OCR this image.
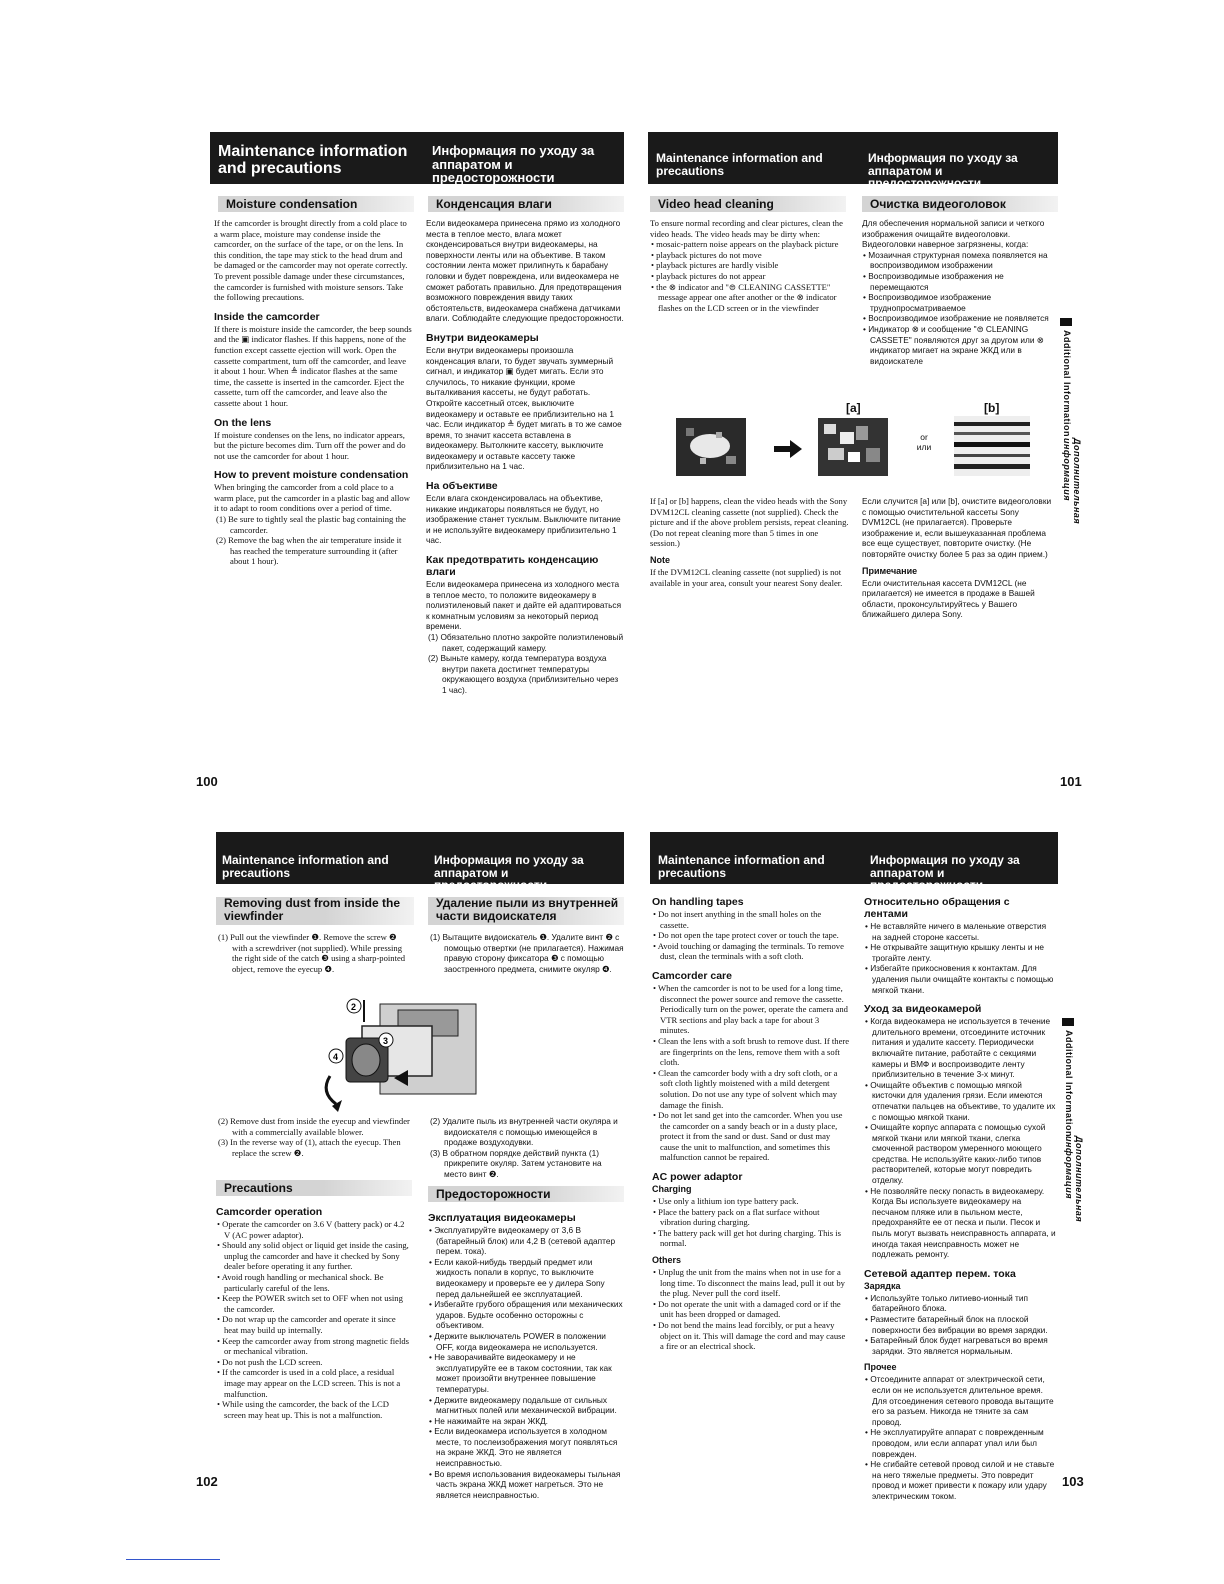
Maintenance information and precautions
Информация по уходу за аппаратом и предосторожности
Moisture condensation	Конденсация влаги

If the camcorder is brought directly from a cold place to a warm place, moisture may condense inside the camcorder, on the surface of the tape, or on the lens. In this condition, the tape may stick to the head drum and be damaged or the camcorder may not operate correctly. To prevent possible damage under these circumstances, the camcorder is furnished with moisture sensors. Take the following precautions.

Inside the camcorder

If there is moisture inside the camcorder, the beep sounds and the ▣ indicator flashes. If this happens, none of the function except cassette ejection will work. Open the cassette compartment, turn off the camcorder, and leave it about 1 hour. When ≜ indicator flashes at the same time, the cassette is inserted in the camcorder. Eject the cassette, turn off the camcorder, and leave also the cassette about 1 hour.

On the lens

If moisture condenses on the lens, no indicator appears, but the picture becomes dim. Turn off the power and do not use the camcorder for about 1 hour.

How to prevent moisture condensation

When bringing the camcorder from a cold place to a warm place, put the camcorder in a plastic bag and allow it to adapt to room conditions over a period of time.

(1) Be sure to tightly seal the plastic bag containing the camcorder.
(2) Remove the bag when the air temperature inside it has reached the temperature surrounding it (after about 1 hour).

Если видеокамера принесена прямо из холодного места в теплое место, влага может сконденсироваться внутри видеокамеры, на поверхности ленты или на объективе. В таком состоянии лента может прилипнуть к барабану головки и будет повреждена, или видеокамера не сможет работать правильно. Для предотвращения возможного повреждения ввиду таких обстоятельств, видеокамера снабжена датчиками влаги. Соблюдайте следующие предосторожности.

Внутри видеокамеры

Если внутри видеокамеры произошла конденсация влаги, то будет звучать зуммерный сигнал, и индикатор ▣ будет мигать. Если это случилось, то никакие функции, кроме выталкивания кассеты, не будут работать. Откройте кассетный отсек, выключите видеокамеру и оставьте ее приблизительно на 1 час. Если индикатор ≜ будет мигать в то же самое время, то значит кассета вставлена в видеокамеру. Вытолкните кассету, выключите видеокамеру и оставьте кассету также приблизительно на 1 час.

На объективе

Если влага сконденсировалась на объективе, никакие индикаторы появляться не будут, но изображение станет тусклым. Выключите питание и не используйте видеокамеру приблизительно 1 час.

Как предотвратить конденсацию влаги

Если видеокамера принесена из холодного места в теплое место, то положите видеокамеру в полиэтиленовый пакет и дайте ей адаптироваться к комнатным условиям за некоторый период времени.

(1) Обязательно плотно закройте полиэтиленовый пакет, содержащий камеру.
(2) Выньте камеру, когда температура воздуха внутри пакета достигнет температуры окружающего воздуха (приблизительно через 1 час).
100
Maintenance information and precautions
Информация по уходу за аппаратом и предосторожности
Video head cleaning	Очистка видеоголовок

To ensure normal recording and clear pictures, clean the video heads. The video heads may be dirty when:

• mosaic-pattern noise appears on the playback picture
• playback pictures do not move
• playback pictures are hardly visible
• playback pictures do not appear
• the ⊗ indicator and "⊜ CLEANING CASSETTE" message appear one after another or the ⊗ indicator flashes on the LCD screen or in the viewfinder

Для обеспечения нормальной записи и четкого изображения очищайте видеоголовки. Видеоголовки наверное загрязнены, когда:

• Мозаичная структурная помеха появляется на воспроизводимом изображении
• Воспроизводимые изображения не перемещаются
• Воспроизводимое изображение труднопросматриваемое
• Воспроизводимое изображение не появляется
• Индикатор ⊗ и сообщение "⊜ CLEANING CASSETE" появляются друг за другом или ⊗ индикатор мигает на экране ЖКД или в видоискателе
[a]	[b]
or
или

If [a] or [b] happens, clean the video heads with the Sony DVM12CL cleaning cassette (not supplied). Check the picture and if the above problem persists, repeat cleaning. (Do not repeat cleaning more than 5 times in one session.)

Note

If the DVM12CL cleaning cassette (not supplied) is not available in your area, consult your nearest Sony dealer.

Если случится [a] или [b], очистите видеоголовки с помощью очистительной кассеты Sony DVM12CL (не прилагается). Проверьте изображение и, если вышеуказанная проблема все еще существует, повторите очистку. (Не повторяйте очистку более 5 раз за один прием.)

Примечание

Если очистительная кассета DVM12CL (не прилагается) не имеется в продаже в Вашей области, проконсультируйтесь у Вашего ближайшего дилера Sony.

Additional Information
Дополнительная информация
101
Maintenance information and precautions
Информация по уходу за аппаратом и предосторожности
Removing dust from inside the viewfinder
Удаление пыли из внутренней части видоискателя
(1) Pull out the viewfinder ❶. Remove the screw ❷ with a screwdriver (not supplied). While pressing the right side of the catch ❸ using a sharp-pointed object, remove the eyecup ❹.
(1) Вытащите видоискатель ❶. Удалите винт ❷ с помощью отвертки (не прилагается). Нажимая правую сторону фиксатора ❸ с помощью заостренного предмета, снимите окуляр ❹.
4
2
3
(2) Remove dust from inside the eyecup and viewfinder with a commercially available blower.
(3) In the reverse way of (1), attach the eyecup. Then replace the screw ❷.
(2) Удалите пыль из внутренней части окуляра и видоискателя с помощью имеющейся в продаже воздуходувки.
(3) В обратном порядке действий пункта (1) прикрепите окуляр. Затем установите на место винт ❷.
Precautions	Предосторожности
Camcorder operation
• Operate the camcorder on 3.6 V (battery pack) or 4.2 V (AC power adaptor).
• Should any solid object or liquid get inside the casing, unplug the camcorder and have it checked by Sony dealer before operating it any further.
• Avoid rough handling or mechanical shock. Be particularly careful of the lens.
• Keep the POWER switch set to OFF when not using the camcorder.
• Do not wrap up the camcorder and operate it since heat may build up internally.
• Keep the camcorder away from strong magnetic fields or mechanical vibration.
• Do not push the LCD screen.
• If the camcorder is used in a cold place, a residual image may appear on the LCD screen. This is not a malfunction.
• While using the camcorder, the back of the LCD screen may heat up. This is not a malfunction.
Эксплуатация видеокамеры
• Эксплуатируйте видеокамеру от 3,6 В (батарейный блок) или 4,2 В (сетевой адаптер перем. тока).
• Если какой-нибудь твердый предмет или жидкость попали в корпус, то выключите видеокамеру и проверьте ее у дилера Sony перед дальнейшей ее эксплуатацией.
• Избегайте грубого обращения или механических ударов. Будьте особенно осторожны с объективом.
• Держите выключатель POWER в положении OFF, когда видеокамера не используется.
• Не заворачивайте видеокамеру и не эксплуатируйте ее в таком состоянии, так как может произойти внутреннее повышение температуры.
• Держите видеокамеру подальше от сильных магнитных полей или механической вибрации.
• Не нажимайте на экран ЖКД.
• Если видеокамера используется в холодном месте, то послеизображения могут появляться на экране ЖКД. Это не является неисправностью.
• Во время использования видеокамеры тыльная часть экрана ЖКД может нагреться. Это не является неисправностью.
102
Maintenance information and precautions
Информация по уходу за аппаратом и предосторожности
On handling tapes
• Do not insert anything in the small holes on the cassette.
• Do not open the tape protect cover or touch the tape.
• Avoid touching or damaging the terminals. To remove dust, clean the terminals with a soft cloth.
Camcorder care
• When the camcorder is not to be used for a long time, disconnect the power source and remove the cassette. Periodically turn on the power, operate the camera and VTR sections and play back a tape for about 3 minutes.
• Clean the lens with a soft brush to remove dust. If there are fingerprints on the lens, remove them with a soft cloth.
• Clean the camcorder body with a dry soft cloth, or a soft cloth lightly moistened with a mild detergent solution. Do not use any type of solvent which may damage the finish.
• Do not let sand get into the camcorder. When you use the camcorder on a sandy beach or in a dusty place, protect it from the sand or dust. Sand or dust may cause the unit to malfunction, and sometimes this malfunction cannot be repaired.
AC power adaptor
Charging
• Use only a lithium ion type battery pack.
• Place the battery pack on a flat surface without vibration during charging.
• The battery pack will get hot during charging. This is normal.
Others
• Unplug the unit from the mains when not in use for a long time. To disconnect the mains lead, pull it out by the plug. Never pull the cord itself.
• Do not operate the unit with a damaged cord or if the unit has been dropped or damaged.
• Do not bend the mains lead forcibly, or put a heavy object on it. This will damage the cord and may cause a fire or an electrical shock.
Относительно обращения с лентами
• Не вставляйте ничего в маленькие отверстия на задней стороне кассеты.
• Не открывайте защитную крышку ленты и не трогайте ленту.
• Избегайте прикосновения к контактам. Для удаления пыли очищайте контакты с помощью мягкой ткани.
Уход за видеокамерой
• Когда видеокамера не используется в течение длительного времени, отсоедините источник питания и удалите кассету. Периодически включайте питание, работайте с секциями камеры и ВМФ и воспроизводите ленту приблизительно в течение 3-х минут.
• Очищайте объектив с помощью мягкой кисточки для удаления грязи. Если имеются отпечатки пальцев на объективе, то удалите их с помощью мягкой ткани.
• Очищайте корпус аппарата с помощью сухой мягкой ткани или мягкой ткани, слегка смоченной раствором умеренного моющего средства. Не используйте каких-либо типов растворителей, которые могут повредить отделку.
• Не позволяйте песку попасть в видеокамеру. Когда Вы используете видеокамеру на песчаном пляже или в пыльном месте, предохраняйте ее от песка и пыли. Песок и пыль могут вызвать неисправность аппарата, и иногда такая неисправность может не подлежать ремонту.
Сетевой адаптер перем. тока
Зарядка
• Используйте только литиево-ионный тип батарейного блока.
• Разместите батарейный блок на плоской поверхности без вибрации во время зарядки.
• Батарейный блок будет нагреваться во время зарядки. Это является нормальным.
Прочее
• Отсоедините аппарат от электрической сети, если он не используется длительное время. Для отсоединения сетевого провода вытащите его за разъем. Никогда не тяните за сам провод.
• Не эксплуатируйте аппарат с поврежденным проводом, или если аппарат упал или был поврежден.
• Не сгибайте сетевой провод силой и не ставьте на него тяжелые предметы. Это повредит провод и может привести к пожару или удару электрическим током.
Additional Information
Дополнительная информация
103
